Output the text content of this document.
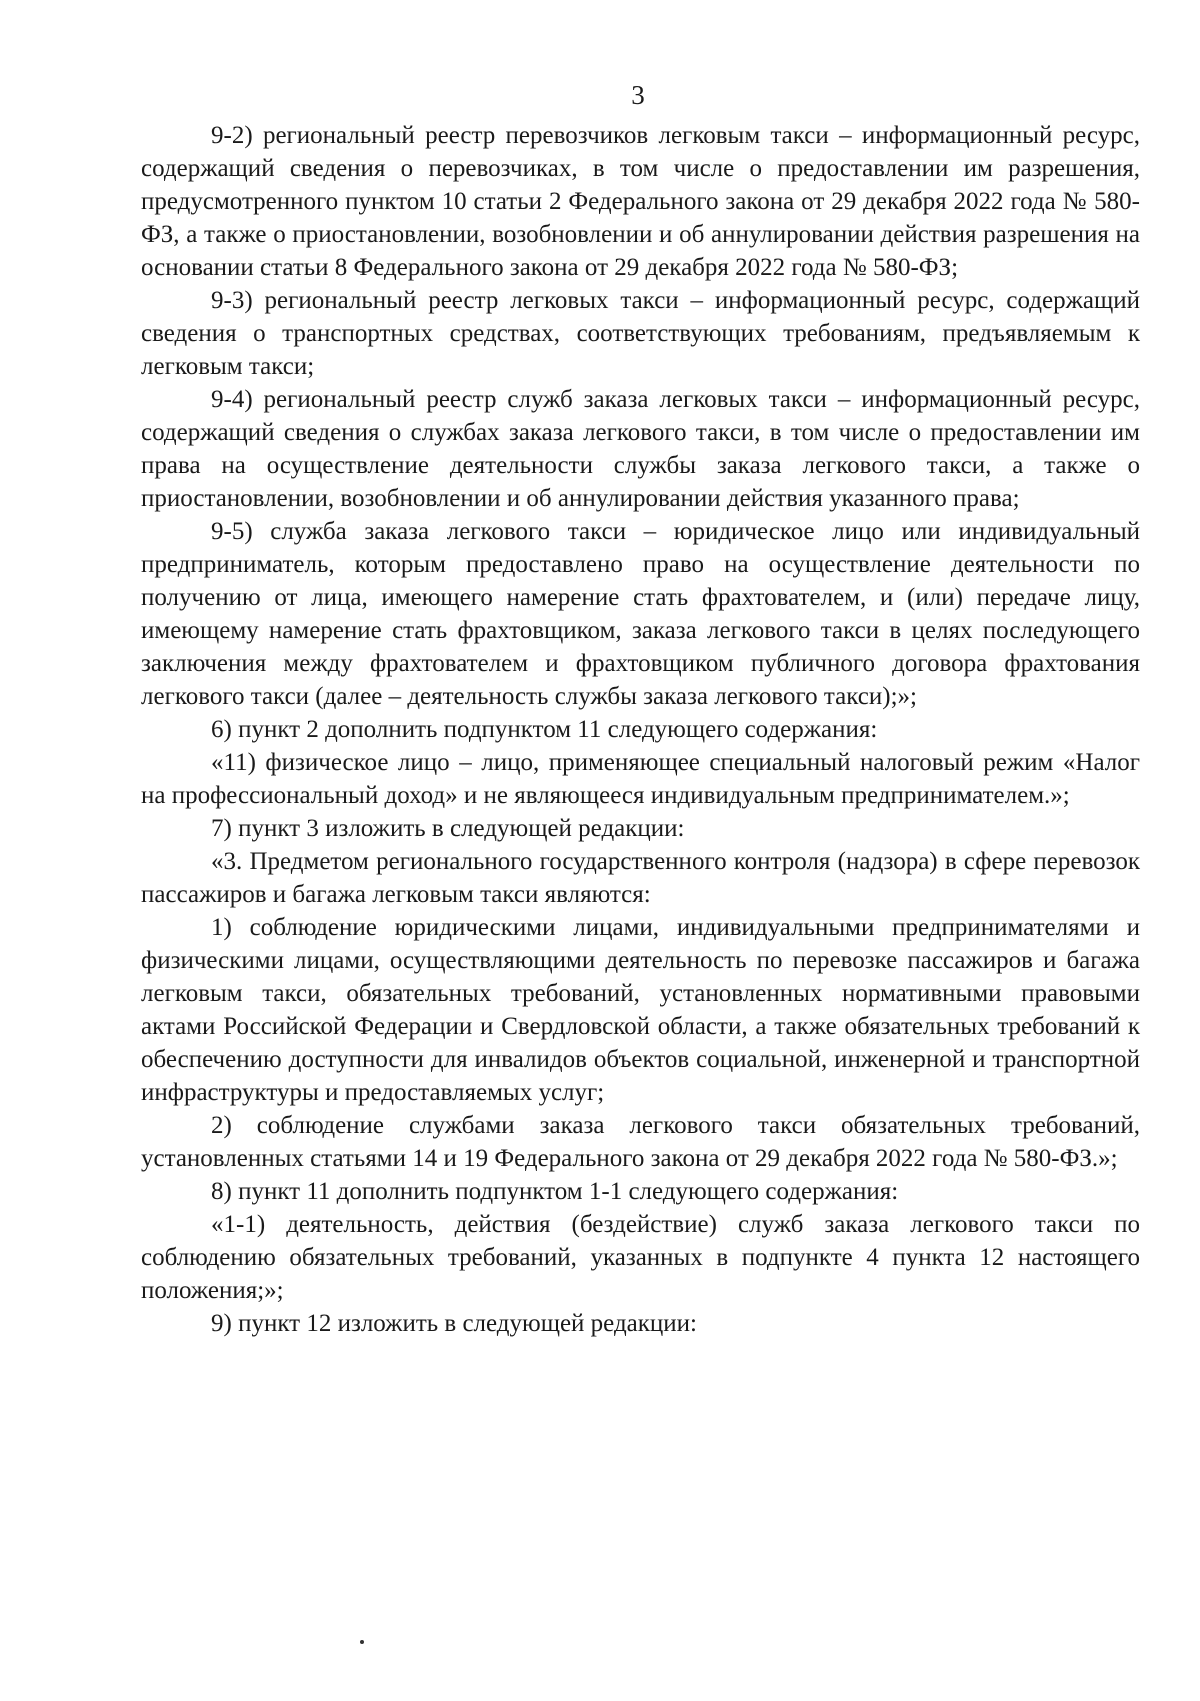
3

9-2) региональный реестр перевозчиков легковым такси – информационный ресурс, содержащий сведения о перевозчиках, в том числе о предоставлении им разрешения, предусмотренного пунктом 10 статьи 2 Федерального закона от 29 декабря 2022 года № 580-ФЗ, а также о приостановлении, возобновлении и об аннулировании действия разрешения на основании статьи 8 Федерального закона от 29 декабря 2022 года № 580-ФЗ;

9-3) региональный реестр легковых такси – информационный ресурс, содержащий сведения о транспортных средствах, соответствующих требованиям, предъявляемым к легковым такси;

9-4) региональный реестр служб заказа легковых такси – информационный ресурс, содержащий сведения о службах заказа легкового такси, в том числе о предоставлении им права на осуществление деятельности службы заказа легкового такси, а также о приостановлении, возобновлении и об аннулировании действия указанного права;

9-5) служба заказа легкового такси – юридическое лицо или индивидуальный предприниматель, которым предоставлено право на осуществление деятельности по получению от лица, имеющего намерение стать фрахтователем, и (или) передаче лицу, имеющему намерение стать фрахтовщиком, заказа легкового такси в целях последующего заключения между фрахтователем и фрахтовщиком публичного договора фрахтования легкового такси (далее – деятельность службы заказа легкового такси);»;

6) пункт 2 дополнить подпунктом 11 следующего содержания:

«11) физическое лицо – лицо, применяющее специальный налоговый режим «Налог на профессиональный доход» и не являющееся индивидуальным предпринимателем.»;

7) пункт 3 изложить в следующей редакции:

«3. Предметом регионального государственного контроля (надзора) в сфере перевозок пассажиров и багажа легковым такси являются:

1) соблюдение юридическими лицами, индивидуальными предпринимателями и физическими лицами, осуществляющими деятельность по перевозке пассажиров и багажа легковым такси, обязательных требований, установленных нормативными правовыми актами Российской Федерации и Свердловской области, а также обязательных требований к обеспечению доступности для инвалидов объектов социальной, инженерной и транспортной инфраструктуры и предоставляемых услуг;

2) соблюдение службами заказа легкового такси обязательных требований, установленных статьями 14 и 19 Федерального закона от 29 декабря 2022 года № 580-ФЗ.»;

8) пункт 11 дополнить подпунктом 1-1 следующего содержания:

«1-1) деятельность, действия (бездействие) служб заказа легкового такси по соблюдению обязательных требований, указанных в подпункте 4 пункта 12 настоящего положения;»;

9) пункт 12 изложить в следующей редакции:
